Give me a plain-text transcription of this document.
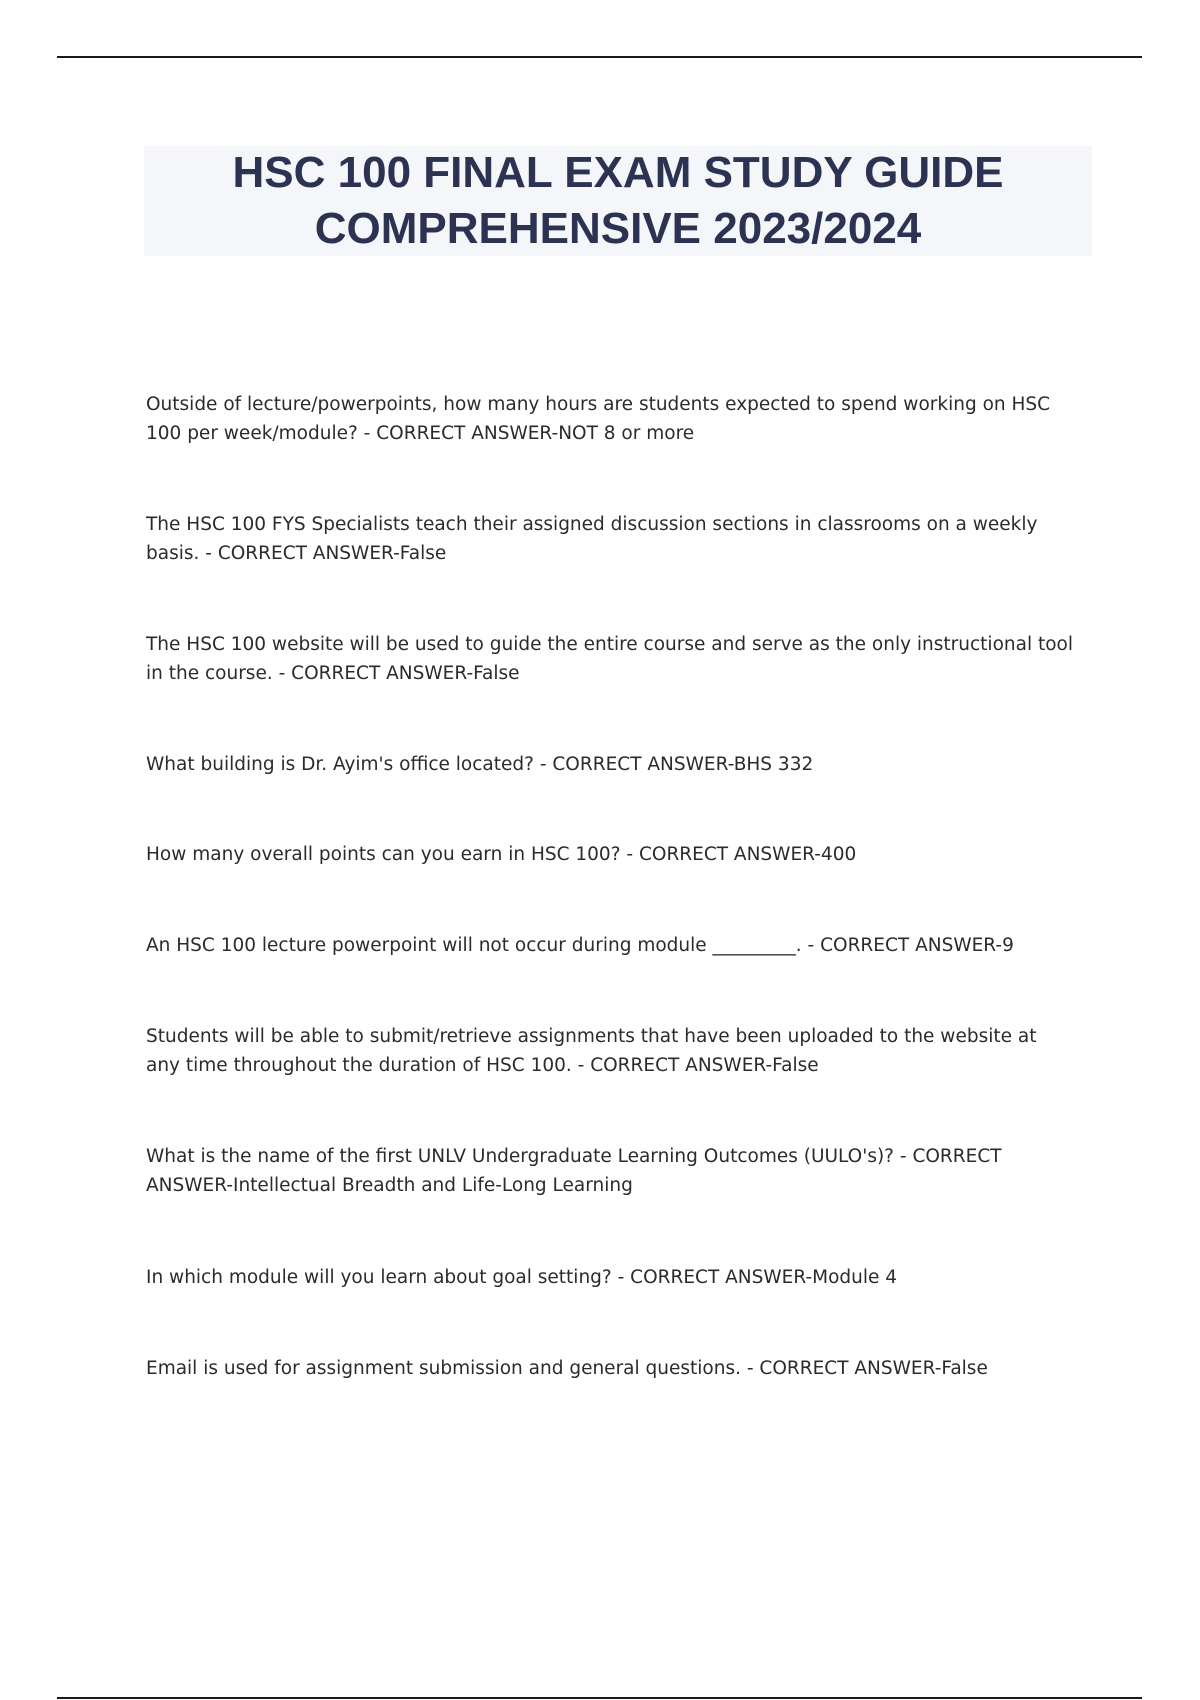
HSC 100 FINAL EXAM STUDY GUIDE
COMPREHENSIVE 2023/2024

Outside of lecture/powerpoints, how many hours are students expected to spend working on HSC 100 per week/module? - CORRECT ANSWER-NOT 8 or more

The HSC 100 FYS Specialists teach their assigned discussion sections in classrooms on a weekly basis. - CORRECT ANSWER-False

The HSC 100 website will be used to guide the entire course and serve as the only instructional tool in the course. - CORRECT ANSWER-False

What building is Dr. Ayim's office located? - CORRECT ANSWER-BHS 332

How many overall points can you earn in HSC 100? - CORRECT ANSWER-400

An HSC 100 lecture powerpoint will not occur during module _________. - CORRECT ANSWER-9

Students will be able to submit/retrieve assignments that have been uploaded to the website at any time throughout the duration of HSC 100. - CORRECT ANSWER-False

What is the name of the first UNLV Undergraduate Learning Outcomes (UULO's)? - CORRECT ANSWER-Intellectual Breadth and Life-Long Learning

In which module will you learn about goal setting? - CORRECT ANSWER-Module 4

Email is used for assignment submission and general questions. - CORRECT ANSWER-False
